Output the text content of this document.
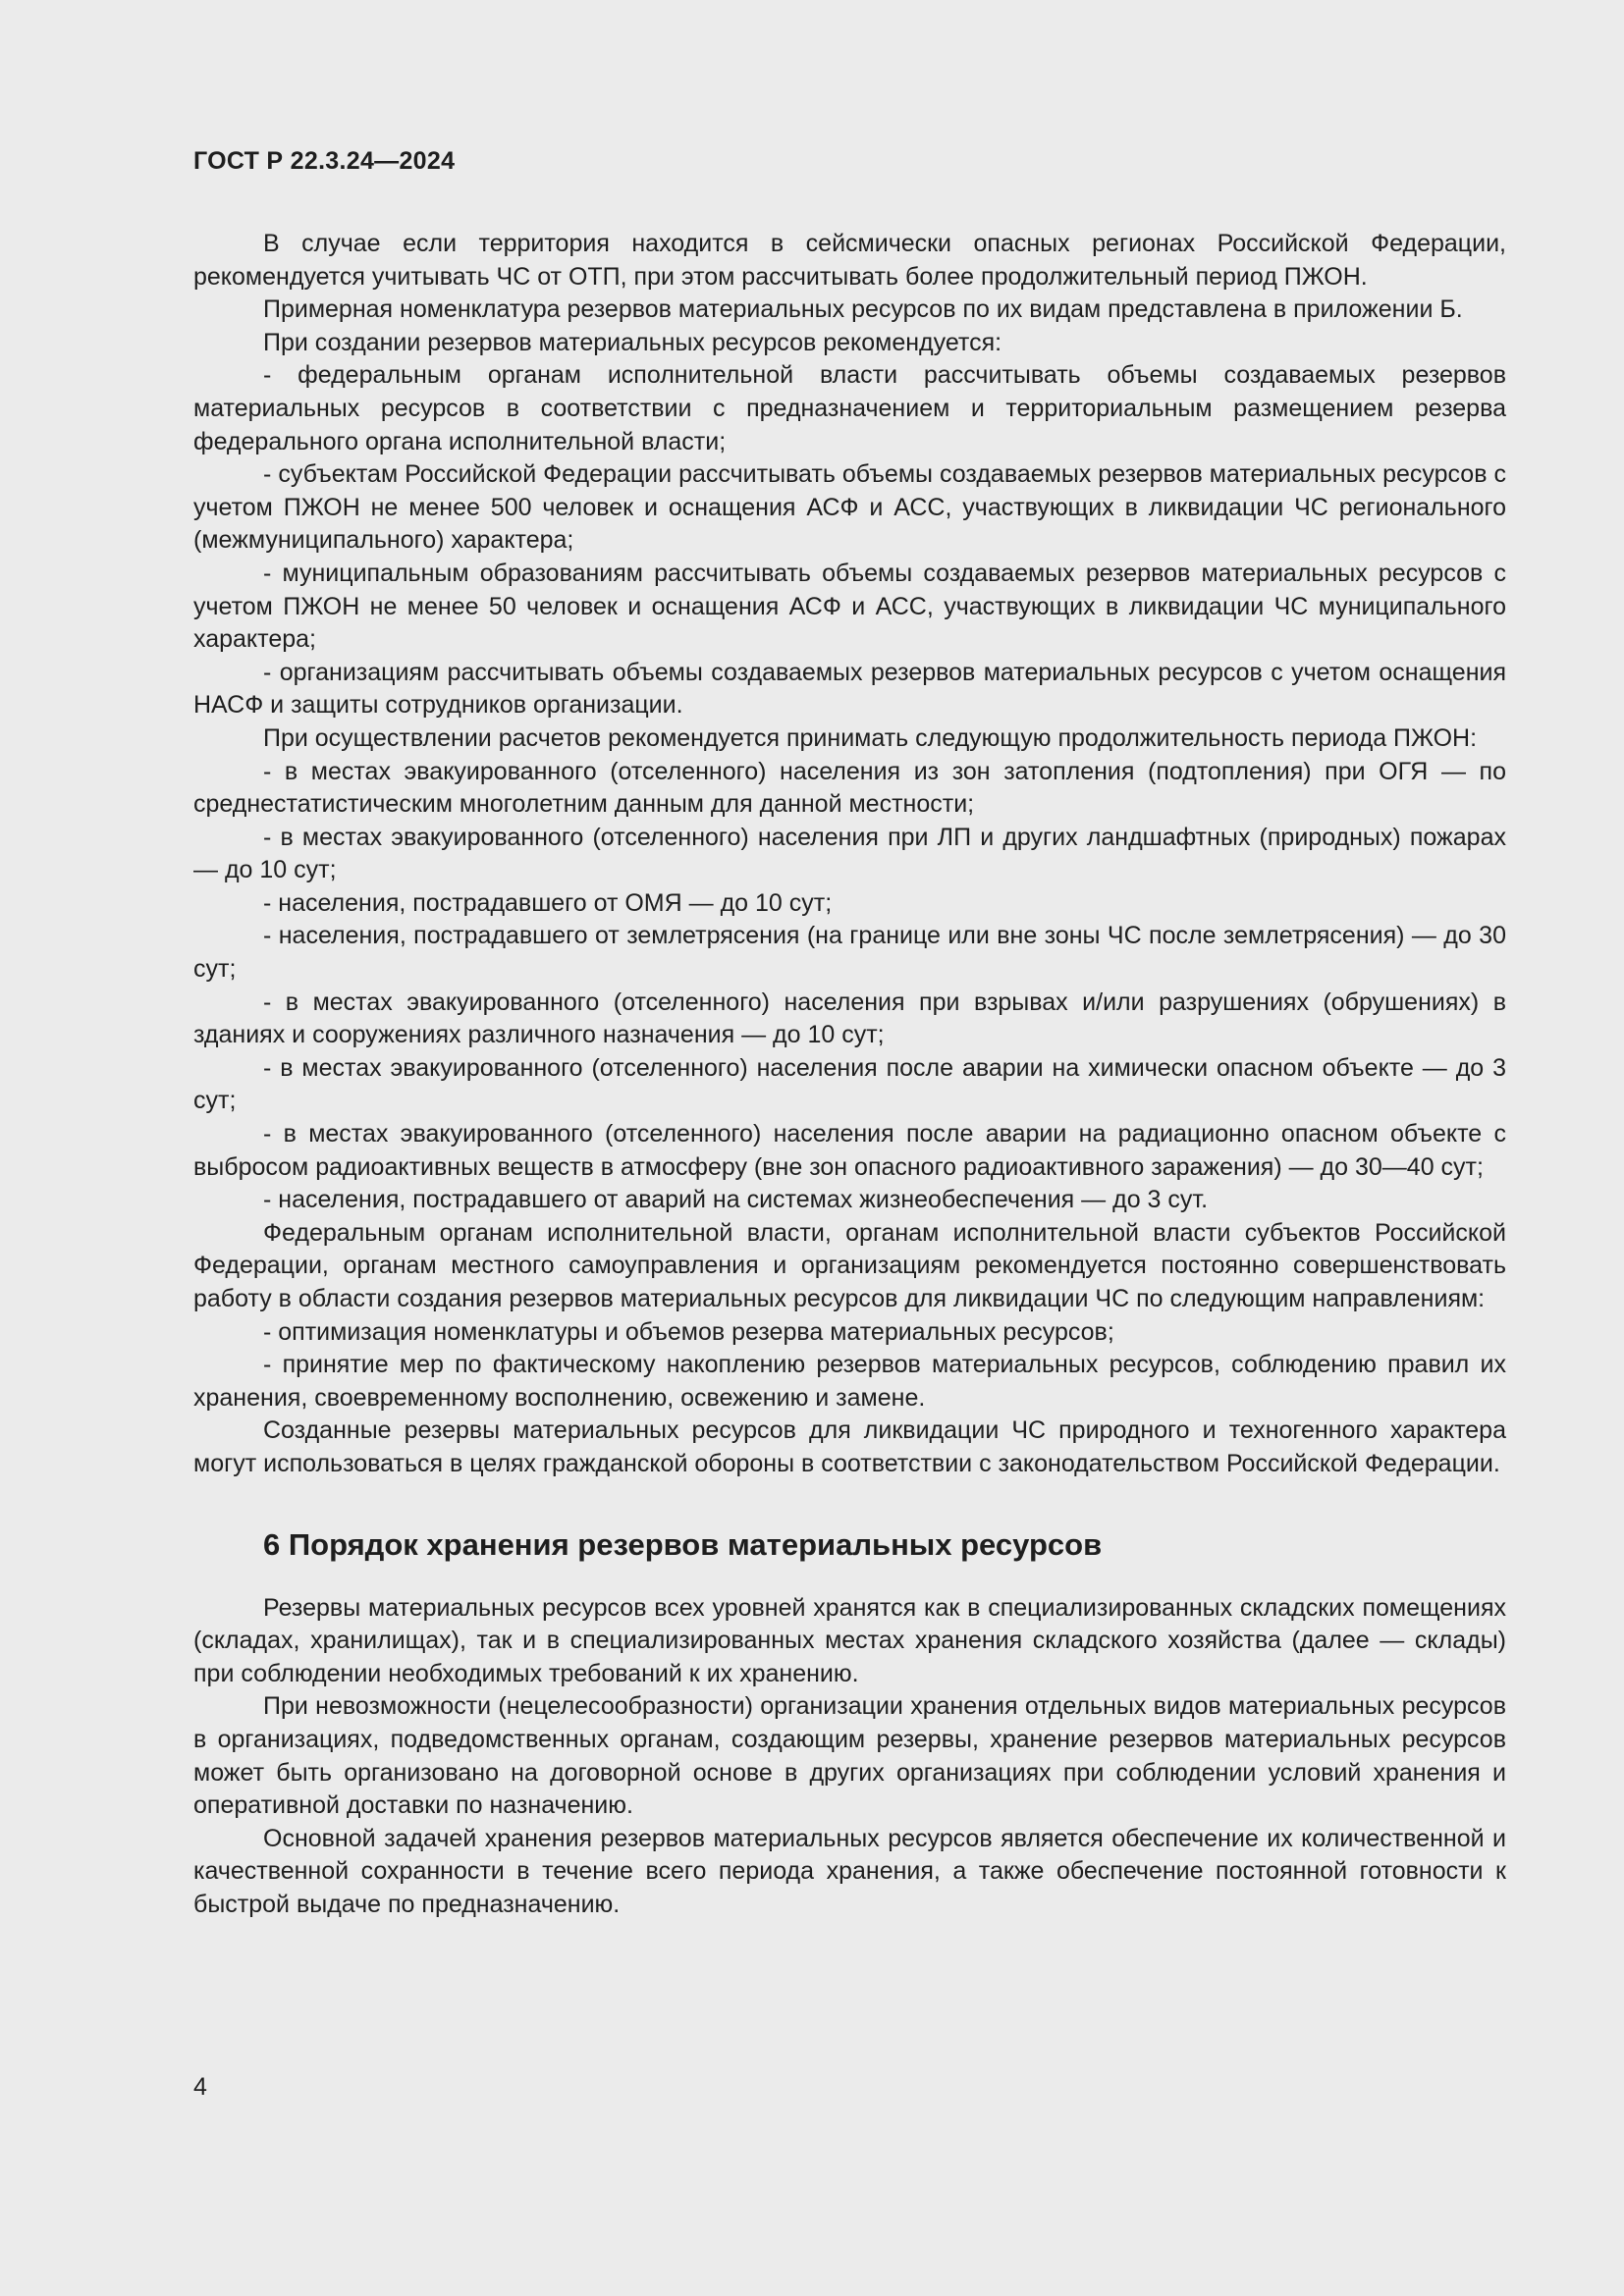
ГОСТ Р 22.3.24—2024

В случае если территория находится в сейсмически опасных регионах Российской Федерации, рекомендуется учитывать ЧС от ОТП, при этом рассчитывать более продолжительный период ПЖОН.

Примерная номенклатура резервов материальных ресурсов по их видам представлена в приложении Б.

При создании резервов материальных ресурсов рекомендуется:

- федеральным органам исполнительной власти рассчитывать объемы создаваемых резервов материальных ресурсов в соответствии с предназначением и территориальным размещением резерва федерального органа исполнительной власти;

- субъектам Российской Федерации рассчитывать объемы создаваемых резервов материальных ресурсов с учетом ПЖОН не менее 500 человек и оснащения АСФ и АСС, участвующих в ликвидации ЧС регионального (межмуниципального) характера;

- муниципальным образованиям рассчитывать объемы создаваемых резервов материальных ресурсов с учетом ПЖОН не менее 50 человек и оснащения АСФ и АСС, участвующих в ликвидации ЧС муниципального характера;

- организациям рассчитывать объемы создаваемых резервов материальных ресурсов с учетом оснащения НАСФ и защиты сотрудников организации.

При осуществлении расчетов рекомендуется принимать следующую продолжительность периода ПЖОН:

- в местах эвакуированного (отселенного) населения из зон затопления (подтопления) при ОГЯ — по среднестатистическим многолетним данным для данной местности;

- в местах эвакуированного (отселенного) населения при ЛП и других ландшафтных (природных) пожарах — до 10 сут;

- населения, пострадавшего от ОМЯ — до 10 сут;

- населения, пострадавшего от землетрясения (на границе или вне зоны ЧС после землетрясения) — до 30 сут;

- в местах эвакуированного (отселенного) населения при взрывах и/или разрушениях (обрушениях) в зданиях и сооружениях различного назначения — до 10 сут;

- в местах эвакуированного (отселенного) населения после аварии на химически опасном объекте — до 3 сут;

- в местах эвакуированного (отселенного) населения после аварии на радиационно опасном объекте с выбросом радиоактивных веществ в атмосферу (вне зон опасного радиоактивного заражения) — до 30—40 сут;

- населения, пострадавшего от аварий на системах жизнеобеспечения — до 3 сут.

Федеральным органам исполнительной власти, органам исполнительной власти субъектов Российской Федерации, органам местного самоуправления и организациям рекомендуется постоянно совершенствовать работу в области создания резервов материальных ресурсов для ликвидации ЧС по следующим направлениям:

- оптимизация номенклатуры и объемов резерва материальных ресурсов;

- принятие мер по фактическому накоплению резервов материальных ресурсов, соблюдению правил их хранения, своевременному восполнению, освежению и замене.

Созданные резервы материальных ресурсов для ликвидации ЧС природного и техногенного характера могут использоваться в целях гражданской обороны в соответствии с законодательством Российской Федерации.

6 Порядок хранения резервов материальных ресурсов

Резервы материальных ресурсов всех уровней хранятся как в специализированных складских помещениях (складах, хранилищах), так и в специализированных местах хранения складского хозяйства (далее — склады) при соблюдении необходимых требований к их хранению.

При невозможности (нецелесообразности) организации хранения отдельных видов материальных ресурсов в организациях, подведомственных органам, создающим резервы, хранение резервов материальных ресурсов может быть организовано на договорной основе в других организациях при соблюдении условий хранения и оперативной доставки по назначению.

Основной задачей хранения резервов материальных ресурсов является обеспечение их количественной и качественной сохранности в течение всего периода хранения, а также обеспечение постоянной готовности к быстрой выдаче по предназначению.

4
